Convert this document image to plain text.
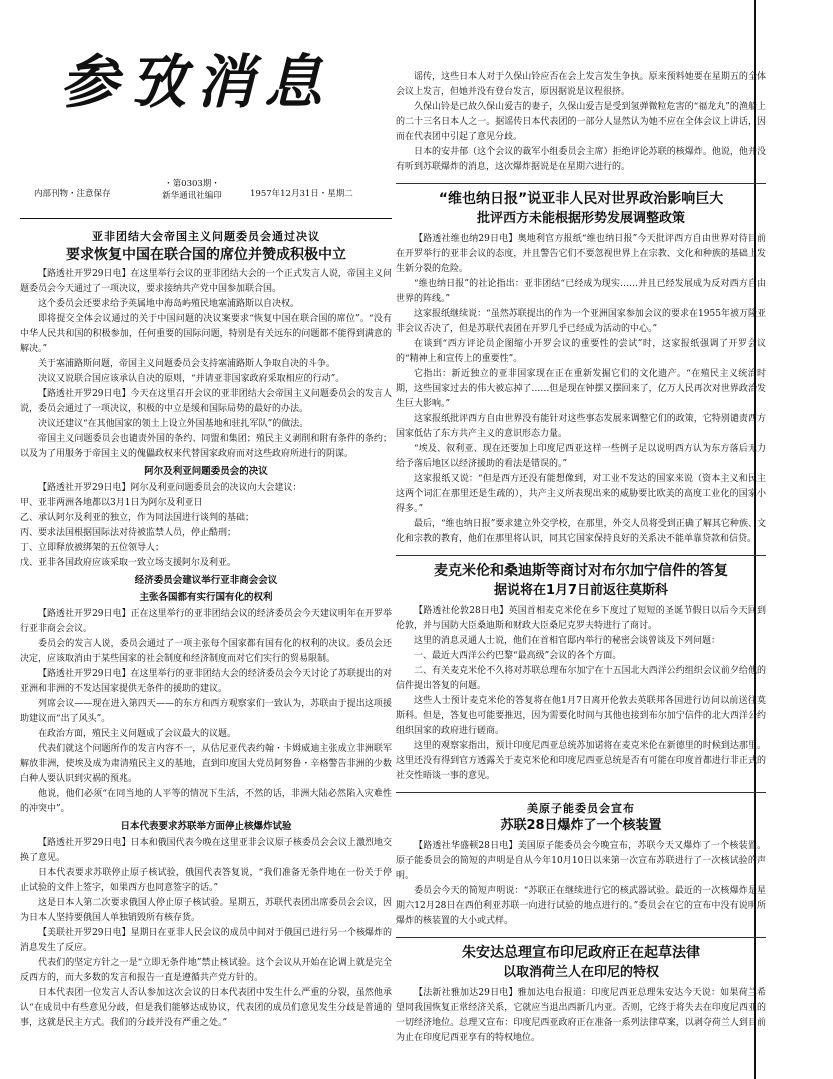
参攷消息
内部刊物・注意保存
・第0303期・
新华通讯社编印	1957年12月31日・星期二
亚非团结大会帝国主义问题委员会通过决议
要求恢复中国在联合国的席位并赞成积极中立

【路透社开罗29日电】在这里举行会议的亚非团结大会的一个正式发言人说，帝国主义问题委员会今天通过了一项决议，要求接纳共产党中国参加联合国。

这个委员会还要求给予英属地中海岛屿殖民地塞浦路斯以自决权。

即将提交全体会议通过的关于中国问题的决议案要求“恢复中国在联合国的席位”。“没有中华人民共和国的积极参加，任何重要的国际问题，特别是有关远东的问题都不能得到满意的解决。”

关于塞浦路斯问题，帝国主义问题委员会支持塞浦路斯人争取自决的斗争。

决议又说联合国应该承认自决的原则，“并请亚非国家政府采取相应的行动”。

【路透社开罗29日电】今天在这里召开会议的亚非团结大会帝国主义问题委员会的发言人说，委员会通过了一项决议，积极的中立是缓和国际局势的最好的办法。

决议还建议“在其他国家的领土上设立外国基地和驻扎军队”的做法。

帝国主义问题委员会也谴责外国的条约、同盟和集团；殖民主义剥削和附有条件的条约；以及为了用服务于帝国主义的傀儡政权来代替国家政府而对这些政府所进行的阴谋。

阿尔及利亚问题委员会的决议

【路透社开罗29日电】阿尔及利亚问题委员会的决议向大会建议：

甲、亚非两洲各地都以3月1日为阿尔及利亚日

乙、承认阿尔及利亚的独立，作为同法国进行谈判的基础；

丙、要求法国根据国际法对待被监禁人员，停止酷刑；

丁、立即释放被绑架的五位领导人；

戊、亚非各国政府应该采取一致立场支援阿尔及利亚。

经济委员会建议举行亚非商会会议
主张各国都有实行国有化的权利

【路透社开罗29日电】正在这里举行的亚非团结会议的经济委员会今天建议明年在开罗举行亚非商会会议。

委员会的发言人说，委员会通过了一项主张每个国家都有国有化的权利的决议。委员会还决定，应该取消由于某些国家的社会制度和经济制度而对它们实行的贸易限制。

【路透社开罗29日电】在这里举行的亚非团结大会的经济委员会今天讨论了苏联提出的对亚洲和非洲的不发达国家提供无条件的援助的建议。

列席会议——现在进入第四天——的东方和西方观察家们一致认为，苏联由于提出这项援助建议而“出了风头”。

在政治方面，殖民主义问题成了会议最大的议题。

代表们就这个问题所作的发言内容不一，从估尼亚代表约翰・卡姆威迪主张成立非洲联军解放非洲，使埃及成为肃清殖民主义的基地，直到印度国大党员阿努鲁・辛格警告非洲的少数白种人要认识到灾祸的预兆。

他说，他们必须“在同当地的人平等的情况下生活，不然的话，非洲大陆必然陷入灾难性的冲突中”。

日本代表要求苏联举方面停止核爆炸试验

【路透社开罗29日电】日本和俄国代表今晚在这里亚非会议原子核委员会会议上激烈地交换了意见。

日本代表要求苏联停止原子核试验，俄国代表答复说，“我们准备无条件地在一份关于停止试验的文件上签字，如果西方也同意签字的话。”

这是日本人第二次要求俄国人停止原子核试验。星期五，苏联代表团出席委员会会议，因为日本人坚持要俄国人单独销毁所有核存货。

【美联社开罗29日电】星期日在亚非人民会议的成员中间对于俄国已进行另一个核爆炸的消息发生了反应。

代表们的坚定方针之一是“立即无条件地”禁止核试验。这个会议从开始在论调上就是完全反西方的，而大多数的发言和报告一直是遵循共产党方针的。

日本代表团一位发言人否认参加这次会议的日本代表团中发生什么严重的分裂，虽然他承认“在成员中有些意见分歧，但是我们能够达成协议，代表团的成员们意见发生分歧是普通的事，这就是民主方式。我们的分歧并没有严重之处。”

谣传，这些日本人对于久保山铃应否在会上发言发生争执。原来预料她要在星期五的全体会议上发言，但她并没有登台发言，原因据说是议程很挤。

久保山铃是已故久保山爱吉的妻子，久保山爱吉是受到氢弹微粒危害的“福龙丸”的渔船上的二十三名日本人之一。据谣传日本代表团的一部分人显然认为她不应在全体会议上讲话，因而在代表团中引起了意见分歧。

日本的安井郁（这个会议的裁军小组委员会主席）拒绝评论苏联的核爆炸。他说，他并没有听到苏联爆炸的消息，这次爆炸据说是在星期六进行的。

“维也纳日报”说亚非人民对世界政治影响巨大
批评西方未能根据形势发展调整政策

【路透社维也纳29日电】奥地利官方报纸“维也纳日报”今天批评西方自由世界对待目前在开罗举行的亚非会议的态度，并且警告它们不要忽视世界上在宗教、文化和种族的基础上发生新分裂的危险。

“维也纳日报”的社论指出：亚非团结“已经成为现实……并且已经发展成为反对西方自由世界的阵线。”

这家报纸继续说：“虽然苏联提出的作为一个亚洲国家参加会议的要求在1955年被万隆亚非会议否决了，但是苏联代表团在开罗几乎已经成为活动的中心。”

在谈到“西方评论员企图缩小开罗会议的重要性的尝试”时，这家报纸强调了开罗会议的“精神上和宣传上的重要性”。

它指出：新近独立的亚非国家现在正在重新发掘它们的文化遗产。“在殖民主义统治时期，这些国家过去的伟大被忘掉了……但是现在钟摆又摆回来了，亿万人民再次对世界政治发生巨大影响。”

这家报纸批评西方自由世界没有能针对这些事态发展来调整它们的政策，它特别谴责西方国家低估了东方共产主义的意识形态力量。

“埃及、叙利亚、现在还要加上印度尼西亚这样一些例子足以说明西方认为东方落后无力给予落后地区以经济援助的看法是错误的。”

这家报纸又说：“但是西方还没有能想像到，对工业不发达的国家来说（资本主义和民主这两个词汇在那里还是生疏的），共产主义所表现出来的威胁要比欧美的高度工业化的国家小得多。”

最后，“维也纳日报”要求建立外交学校，在那里，外交人员将受到正确了解其它种族、文化和宗教的教育，他们在那里将认识，同其它国家保持良好的关系决不能单靠贷款和信贷。

麦克米伦和桑迪斯等商讨对布尔加宁信件的答复
据说将在1月7日前返往莫斯科

【路透社伦敦28日电】英国首相麦克米伦在乡下度过了短短的圣诞节假日以后今天回到伦敦，并与国防大臣桑迪斯和财政大臣桑尼克罗夫特进行了商讨。

这里的消息灵通人士说，他们在首相官邸内举行的秘密会谈曾谈及下列问题：

一、最近大西洋公约巴黎“最高级”会议的各个方面。

二、有关麦克米伦不久将对苏联总理布尔加宁在十五国北大西洋公约组织会议前夕给他的信件提出答复的问题。

这些人士预计麦克米伦的答复将在他1月7日离开伦敦去英联邦各国进行访问以前送往莫斯科。但是，答复也可能要推迟，因为需要化时间与其他也接到布尔加宁信件的北大西洋公约组织国家的政府进行磋商。

这里的观察家指出，预计印度尼西亚总统苏加诺将在麦克米伦在新德里的时候到达那里。这里还没有得到官方透露关于麦克米伦和印度尼西亚总统是否有可能在印度首都进行非正式的社交性晤谈一事的意见。

美原子能委员会宣布
苏联28日爆炸了一个核装置

【路透社华盛顿28日电】美国原子能委员会今晚宣布，苏联今天又爆炸了一个核装置。原子能委员会的简短的声明是自从今年10月10日以来第一次宣布苏联进行了一次核试验的声明。

委员会今天的简短声明说：“苏联正在继续进行它的核武器试验。最近的一次核爆炸是星期六12月28日在西伯利亚苏联一向进行试验的地点进行的。”委员会在它的宣布中没有说明所爆炸的核装置的大小或式样。

朱安达总理宣布印尼政府正在起草法律
以取消荷兰人在印尼的特权

【法新社雅加达29日电】雅加达电台报道：印度尼西亚总理朱安达今天说：如果荷兰希望同我国恢复正常经济关系，它就应当退出西新几内亚。否则，它终于将失去在印度尼西亚的一切经济地位。总理又宣布：印度尼西亚政府正在准备一系列法律草案，以剥夺荷兰人到目前为止在印度尼西亚享有的特权地位。
